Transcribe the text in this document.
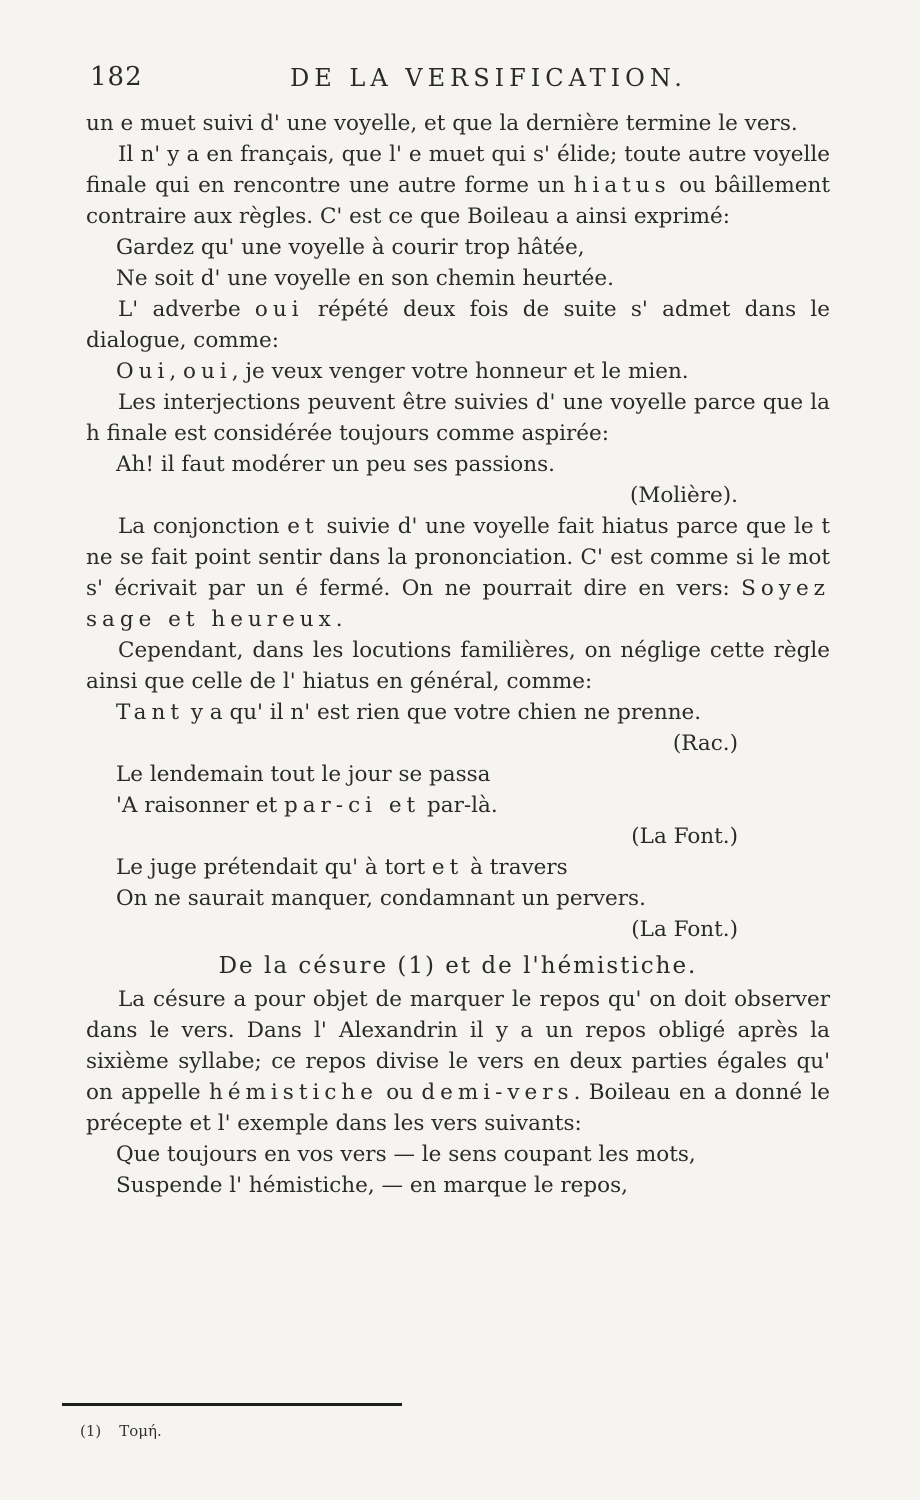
182	DE LA VERSIFICATION.

un e muet suivi d' une voyelle, et que la dernière termine le vers.

Il n' y a en français, que l' e muet qui s' élide; toute autre voyelle finale qui en rencontre une autre forme un hiatus ou bâillement contraire aux règles. C' est ce que Boileau a ainsi exprimé:

Gardez qu' une voyelle à courir trop hâtée,
Ne soit d' une voyelle en son chemin heurtée.

L' adverbe oui répété deux fois de suite s' admet dans le dialogue, comme:

Oui, oui, je veux venger votre honneur et le mien.

Les interjections peuvent être suivies d' une voyelle parce que la h finale est considérée toujours comme aspirée:

Ah! il faut modérer un peu ses passions.

(Molière).

La conjonction et suivie d' une voyelle fait hiatus parce que le t ne se fait point sentir dans la prononciation. C' est comme si le mot s' écrivait par un é fermé. On ne pourrait dire en vers: Soyez sage et heureux.

Cependant, dans les locutions familières, on néglige cette règle ainsi que celle de l' hiatus en général, comme:

Tant y a qu' il n' est rien que votre chien ne prenne.

(Rac.)

Le lendemain tout le jour se passa
'A raisonner et par-ci et par-là.

(La Font.)

Le juge prétendait qu' à tort et à travers
On ne saurait manquer, condamnant un pervers.

(La Font.)

De la césure (1) et de l'hémistiche.

La césure a pour objet de marquer le repos qu' on doit observer dans le vers. Dans l' Alexandrin il y a un repos obligé après la sixième syllabe; ce repos divise le vers en deux parties égales qu' on appelle hémistiche ou demi-vers. Boileau en a donné le précepte et l' exemple dans les vers suivants:

Que toujours en vos vers — le sens coupant les mots,
Suspende l' hémistiche, — en marque le repos,
(1) Τομή.
